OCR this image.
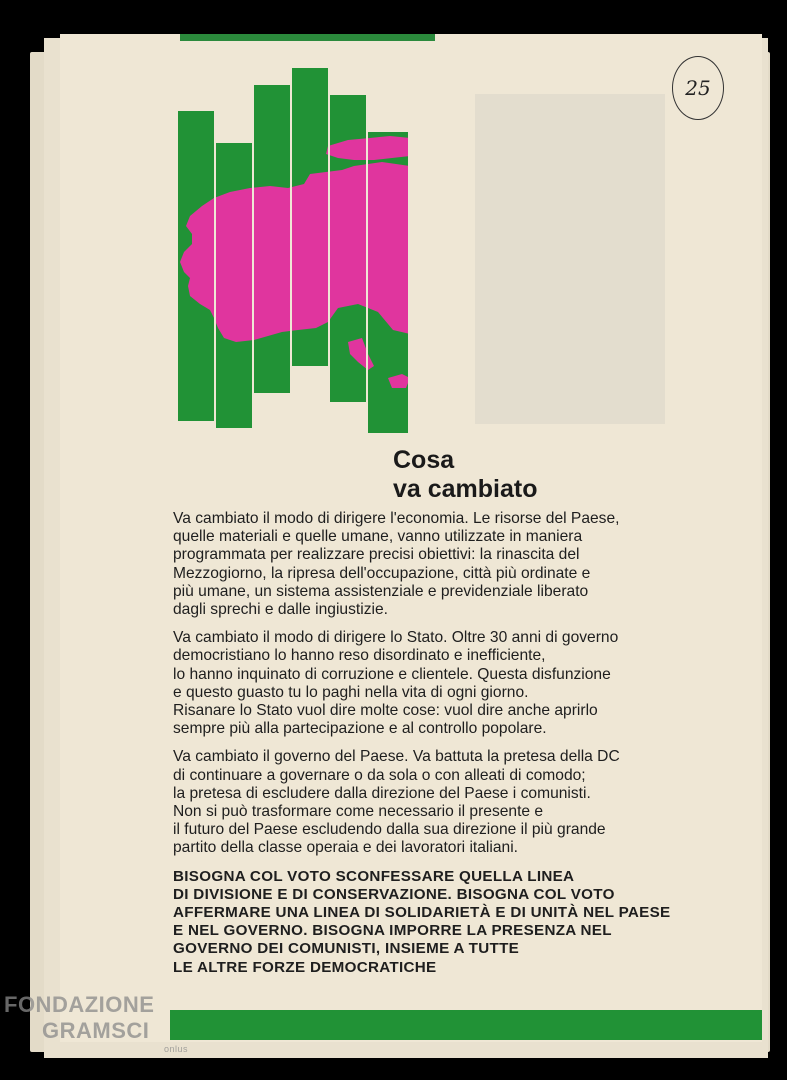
25
Cosa
va cambiato

Va cambiato il modo di dirigere l'economia. Le risorse del Paese,
quelle materiali e quelle umane, vanno utilizzate in maniera
programmata per realizzare precisi obiettivi: la rinascita del
Mezzogiorno, la ripresa dell'occupazione, città più ordinate e
più umane, un sistema assistenziale e previdenziale liberato
dagli sprechi e dalle ingiustizie.

Va cambiato il modo di dirigere lo Stato. Oltre 30 anni di governo
democristiano lo hanno reso disordinato e inefficiente,
lo hanno inquinato di corruzione e clientele. Questa disfunzione
e questo guasto tu lo paghi nella vita di ogni giorno.
Risanare lo Stato vuol dire molte cose: vuol dire anche aprirlo
sempre più alla partecipazione e al controllo popolare.

Va cambiato il governo del Paese. Va battuta la pretesa della DC
di continuare a governare o da sola o con alleati di comodo;
la pretesa di escludere dalla direzione del Paese i comunisti.
Non si può trasformare come necessario il presente e
il futuro del Paese escludendo dalla sua direzione il più grande
partito della classe operaia e dei lavoratori italiani.

BISOGNA COL VOTO SCONFESSARE QUELLA LINEA
DI DIVISIONE E DI CONSERVAZIONE. BISOGNA COL VOTO
AFFERMARE UNA LINEA DI SOLIDARIETÀ E DI UNITÀ NEL PAESE
E NEL GOVERNO. BISOGNA IMPORRE LA PRESENZA NEL
GOVERNO DEI COMUNISTI, INSIEME A TUTTE
LE ALTRE FORZE DEMOCRATICHE

FONDAZIONE
GRAMSCI
onlus
